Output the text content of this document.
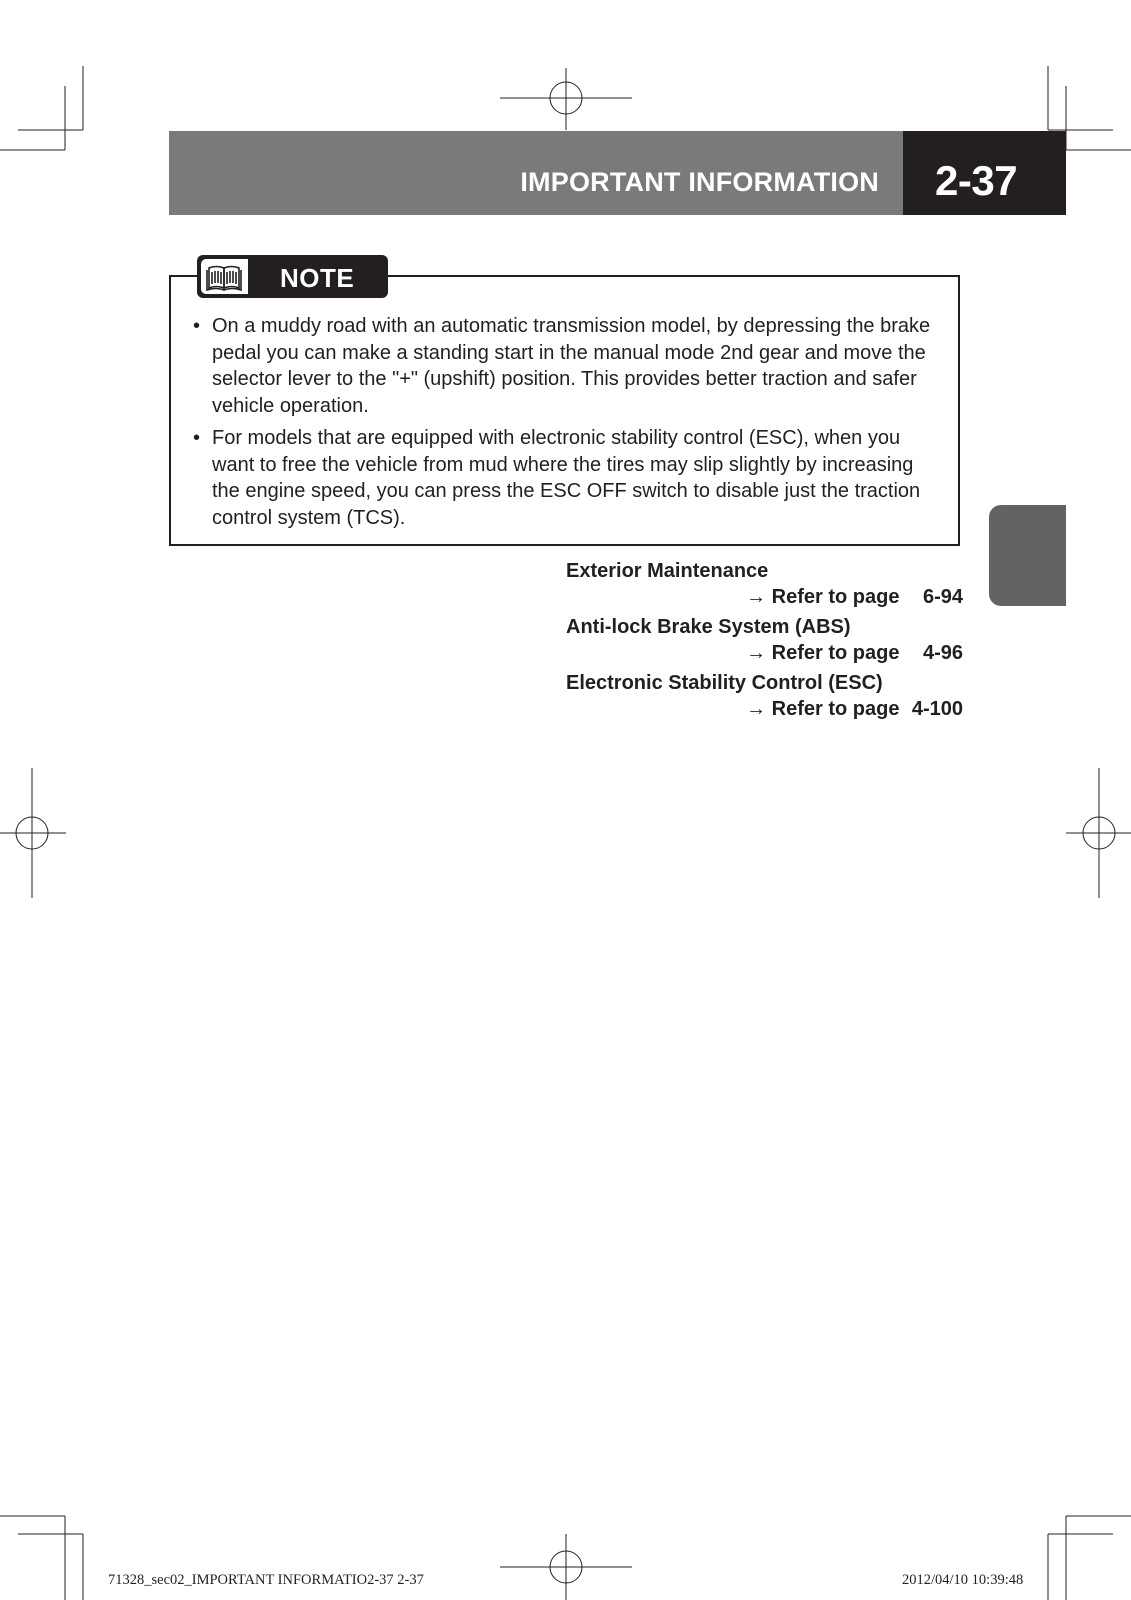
IMPORTANT INFORMATION 2-37
NOTE
• On a muddy road with an automatic transmission model, by depressing the brake pedal you can make a standing start in the manual mode 2nd gear and move the selector lever to the "+" (upshift) position. This provides better traction and safer vehicle operation.
• For models that are equipped with electronic stability control (ESC), when you want to free the vehicle from mud where the tires may slip slightly by increasing the engine speed, you can press the ESC OFF switch to disable just the traction control system (TCS).
Exterior Maintenance
→ Refer to page 6-94
Anti-lock Brake System (ABS)
→ Refer to page 4-96
Electronic Stability Control (ESC)
→ Refer to page 4-100
71328_sec02_IMPORTANT INFORMATIO2-37 2-37	2012/04/10 10:39:48
